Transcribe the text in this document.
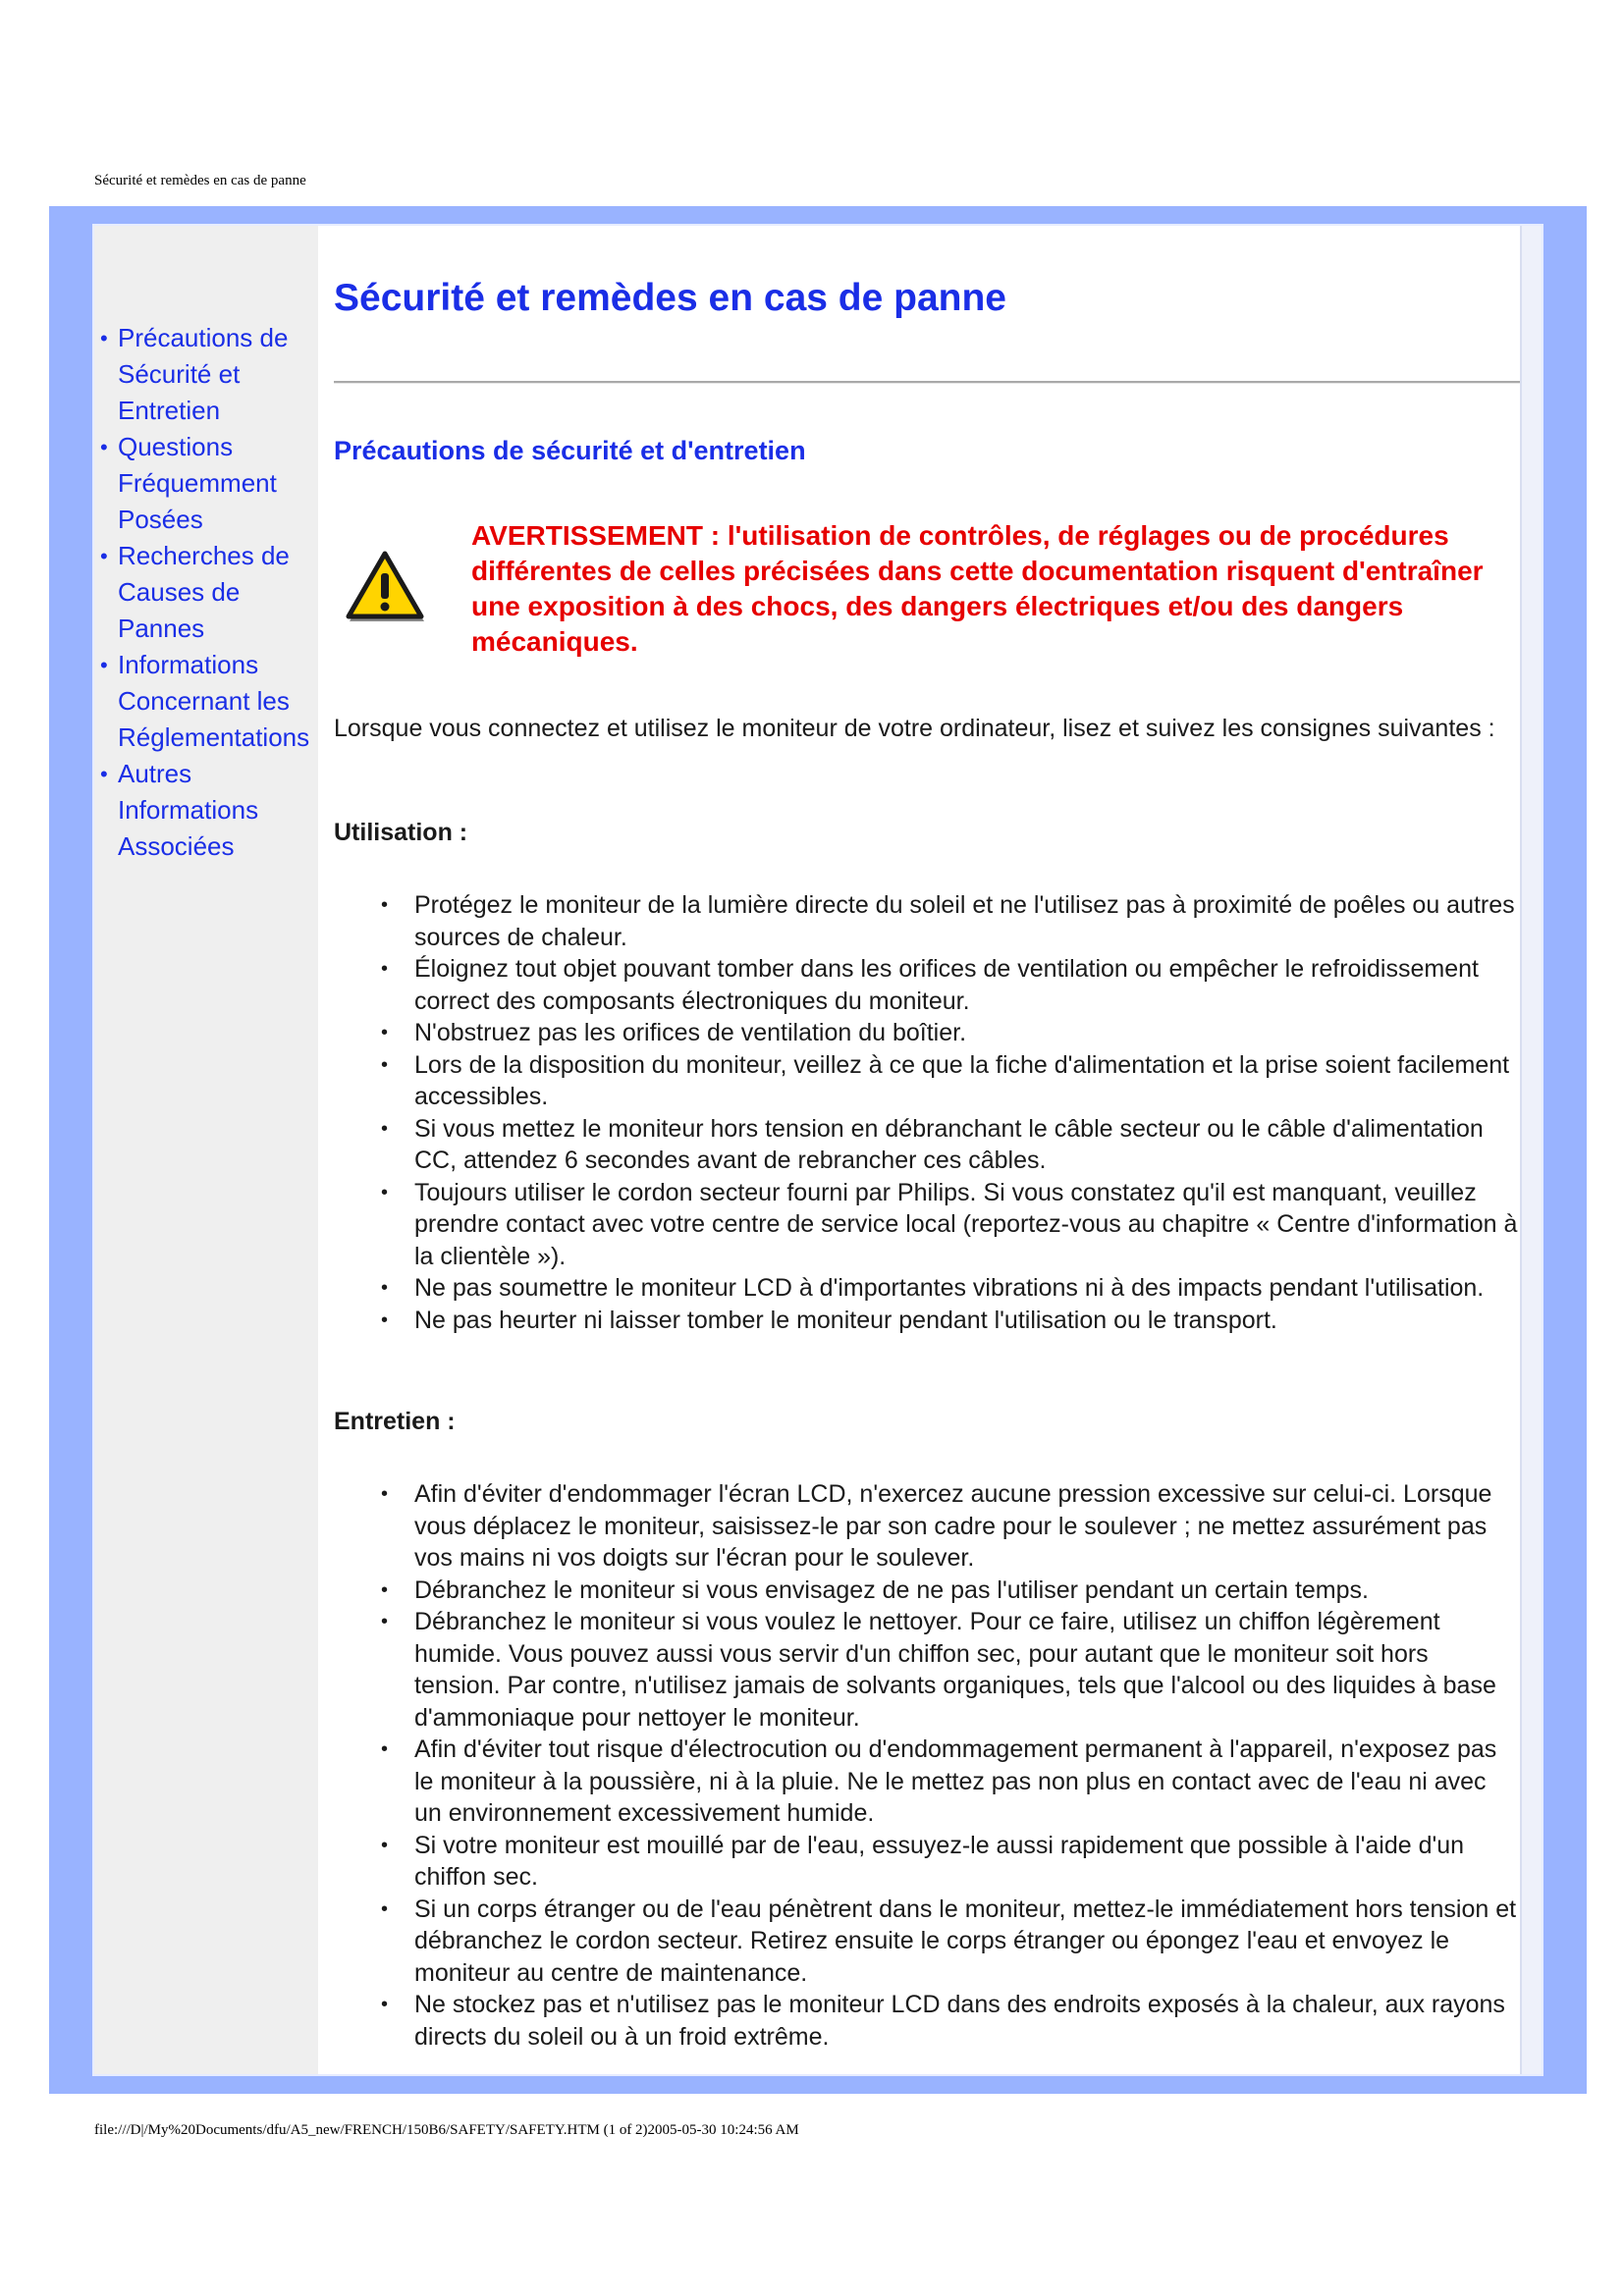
Sécurité et remèdes en cas de panne
• Précautions de Sécurité et Entretien
• Questions Fréquemment Posées
• Recherches de Causes de Pannes
• Informations Concernant les Réglementations
• Autres Informations Associées
Sécurité et remèdes en cas de panne
Précautions de sécurité et d'entretien
AVERTISSEMENT : l'utilisation de contrôles, de réglages ou de procédures différentes de celles précisées dans cette documentation risquent d'entraîner une exposition à des chocs, des dangers électriques et/ou des dangers mécaniques.
Lorsque vous connectez et utilisez le moniteur de votre ordinateur, lisez et suivez les consignes suivantes :
Utilisation :
• Protégez le moniteur de la lumière directe du soleil et ne l'utilisez pas à proximité de poêles ou autres sources de chaleur.
• Éloignez tout objet pouvant tomber dans les orifices de ventilation ou empêcher le refroidissement correct des composants électroniques du moniteur.
• N'obstruez pas les orifices de ventilation du boîtier.
• Lors de la disposition du moniteur, veillez à ce que la fiche d'alimentation et la prise soient facilement accessibles.
• Si vous mettez le moniteur hors tension en débranchant le câble secteur ou le câble d'alimentation CC, attendez 6 secondes avant de rebrancher ces câbles.
• Toujours utiliser le cordon secteur fourni par Philips. Si vous constatez qu'il est manquant, veuillez prendre contact avec votre centre de service local (reportez-vous au chapitre « Centre d'information à la clientèle »).
• Ne pas soumettre le moniteur LCD à d'importantes vibrations ni à des impacts pendant l'utilisation.
• Ne pas heurter ni laisser tomber le moniteur pendant l'utilisation ou le transport.
Entretien :
• Afin d'éviter d'endommager l'écran LCD, n'exercez aucune pression excessive sur celui-ci. Lorsque vous déplacez le moniteur, saisissez-le par son cadre pour le soulever ; ne mettez assurément pas vos mains ni vos doigts sur l'écran pour le soulever.
• Débranchez le moniteur si vous envisagez de ne pas l'utiliser pendant un certain temps.
• Débranchez le moniteur si vous voulez le nettoyer. Pour ce faire, utilisez un chiffon légèrement humide. Vous pouvez aussi vous servir d'un chiffon sec, pour autant que le moniteur soit hors tension. Par contre, n'utilisez jamais de solvants organiques, tels que l'alcool ou des liquides à base d'ammoniaque pour nettoyer le moniteur.
• Afin d'éviter tout risque d'électrocution ou d'endommagement permanent à l'appareil, n'exposez pas le moniteur à la poussière, ni à la pluie. Ne le mettez pas non plus en contact avec de l'eau ni avec un environnement excessivement humide.
• Si votre moniteur est mouillé par de l'eau, essuyez-le aussi rapidement que possible à l'aide d'un chiffon sec.
• Si un corps étranger ou de l'eau pénètrent dans le moniteur, mettez-le immédiatement hors tension et débranchez le cordon secteur. Retirez ensuite le corps étranger ou épongez l'eau et envoyez le moniteur au centre de maintenance.
• Ne stockez pas et n'utilisez pas le moniteur LCD dans des endroits exposés à la chaleur, aux rayons directs du soleil ou à un froid extrême.
file:///D|/My%20Documents/dfu/A5_new/FRENCH/150B6/SAFETY/SAFETY.HTM (1 of 2)2005-05-30 10:24:56 AM
